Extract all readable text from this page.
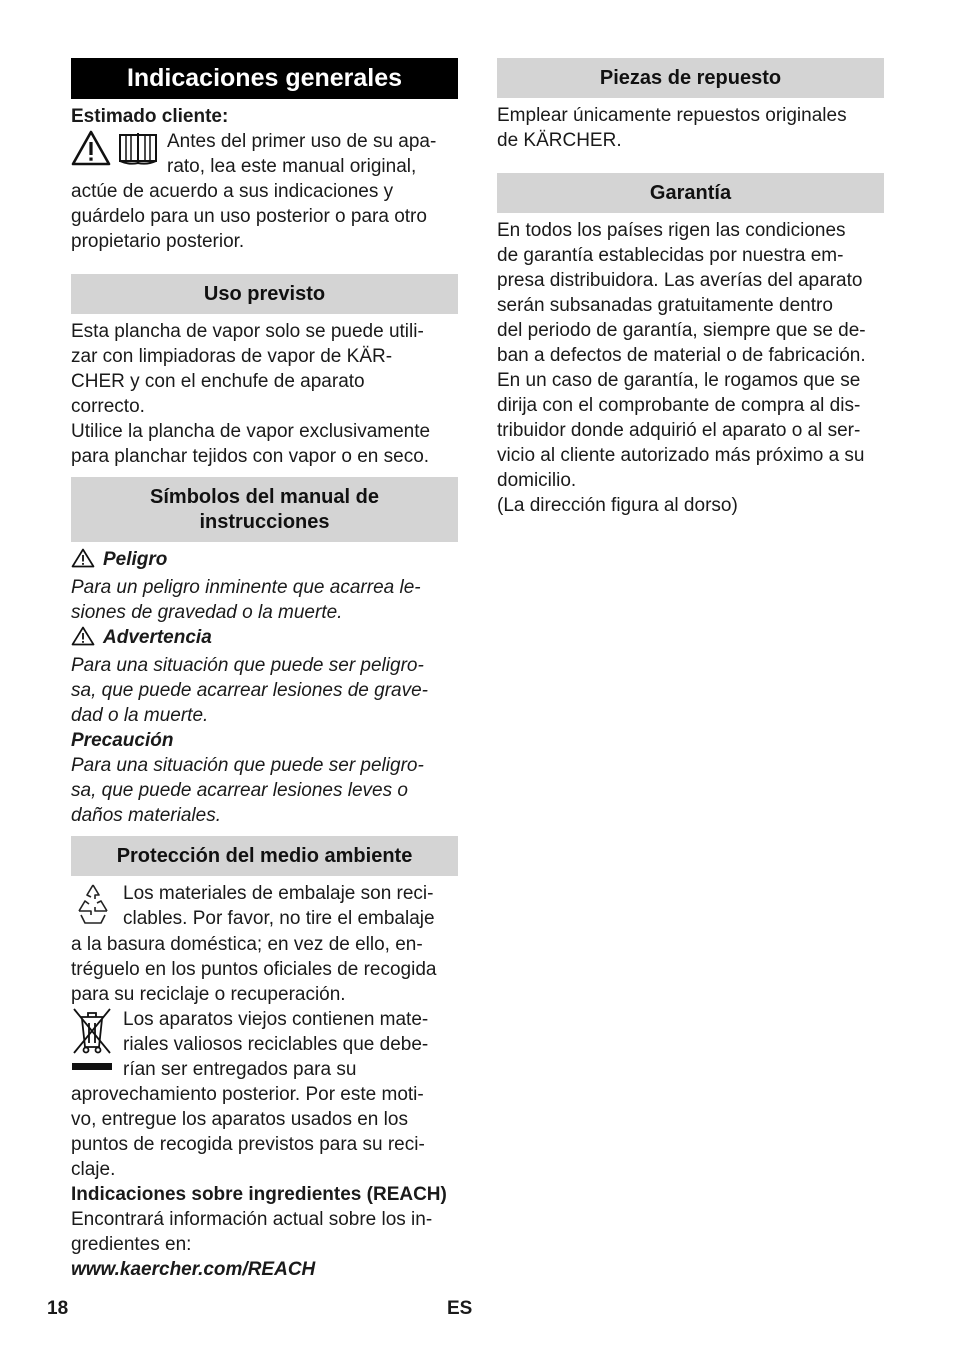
Indicaciones generales

Estimado cliente:

Antes del primer uso de su apa-

rato, lea este manual original,

actúe de acuerdo a sus indicaciones y

guárdelo para un uso posterior o para otro

propietario posterior.

Uso previsto

Esta plancha de vapor solo se puede utili-

zar con limpiadoras de vapor de KÄR-

CHER y con el enchufe de aparato

correcto.

Utilice la plancha de vapor exclusivamente

para planchar tejidos con vapor o en seco.

Símbolos del manual de
instrucciones

Peligro

Para un peligro inminente que acarrea le-

siones de gravedad o la muerte.

Advertencia

Para una situación que puede ser peligro-

sa, que puede acarrear lesiones de grave-

dad o la muerte.

Precaución

Para una situación que puede ser peligro-

sa, que puede acarrear lesiones leves o

daños materiales.

Protección del medio ambiente

Los materiales de embalaje son reci-

clables. Por favor, no tire el embalaje

a la basura doméstica; en vez de ello, en-

tréguelo en los puntos oficiales de recogida

para su reciclaje o recuperación.

Los aparatos viejos contienen mate-

riales valiosos reciclables que debe-

rían ser entregados para su

aprovechamiento posterior. Por este moti-

vo, entregue los aparatos usados en los

puntos de recogida previstos para su reci-

claje.

Indicaciones sobre ingredientes (REACH)

Encontrará información actual sobre los in-

gredientes en:

www.kaercher.com/REACH

Piezas de repuesto

Emplear únicamente repuestos originales

de KÄRCHER.

Garantía

En todos los países rigen las condiciones

de garantía establecidas por nuestra em-

presa distribuidora. Las averías del aparato

serán subsanadas gratuitamente dentro

del periodo de garantía, siempre que se de-

ban a defectos de material o de fabricación.

En un caso de garantía, le rogamos que se

dirija con el comprobante de compra al dis-

tribuidor donde adquirió el aparato o al ser-

vicio al cliente autorizado más próximo a su

domicilio.

(La dirección figura al dorso)

18	ES
